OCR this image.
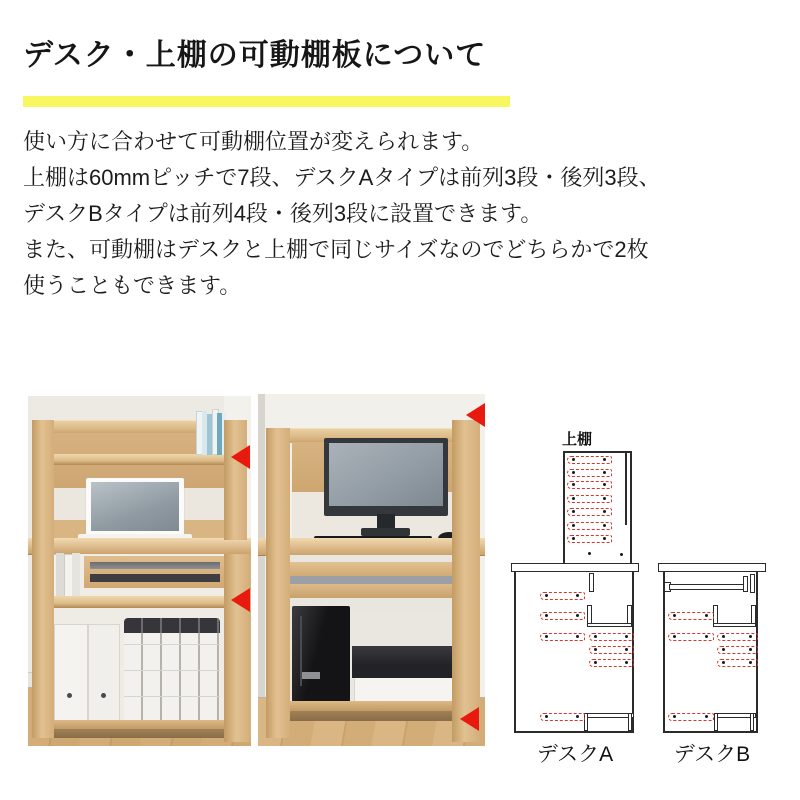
デスク・上棚の可動棚板について
使い方に合わせて可動棚位置が変えられます。
上棚は60mmピッチで7段、デスクAタイプは前列3段・後列3段、
デスクBタイプは前列4段・後列3段に設置できます。
また、可動棚はデスクと上棚で同じサイズなのでどちらかで2枚
使うこともできます。
上棚
デスクA	デスクB
